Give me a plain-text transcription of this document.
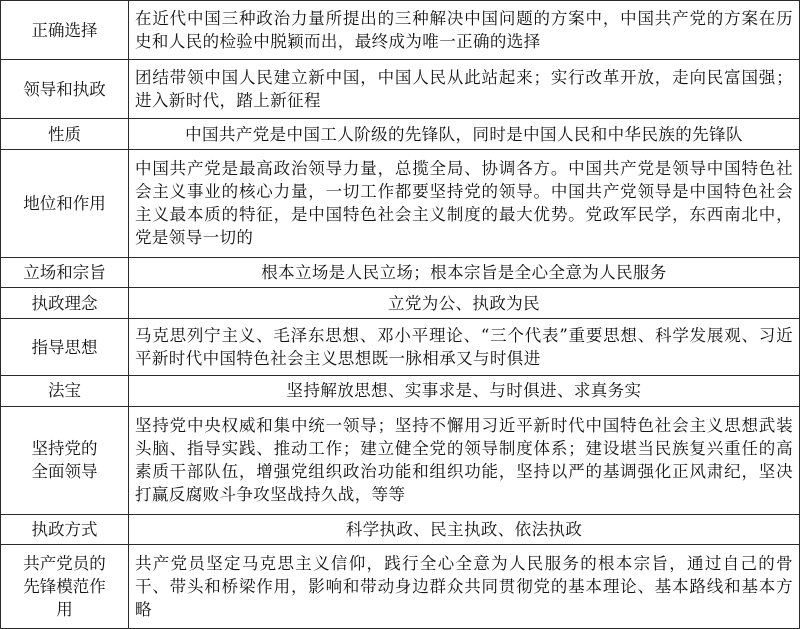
正确选择	在近代中国三种政治力量所提出的三种解决中国问题的方案中，中国共产党的方案在历史和人民的检验中脱颖而出，最终成为唯一正确的选择
领导和执政	团结带领中国人民建立新中国，中国人民从此站起来；实行改革开放，走向民富国强；进入新时代，踏上新征程
性质	中国共产党是中国工人阶级的先锋队，同时是中国人民和中华民族的先锋队
地位和作用	中国共产党是最高政治领导力量，总揽全局、协调各方。中国共产党是领导中国特色社会主义事业的核心力量，一切工作都要坚持党的领导。中国共产党领导是中国特色社会主义最本质的特征，是中国特色社会主义制度的最大优势。党政军民学，东西南北中，党是领导一切的
立场和宗旨	根本立场是人民立场；根本宗旨是全心全意为人民服务
执政理念	立党为公、执政为民
指导思想	马克思列宁主义、毛泽东思想、邓小平理论、“三个代表”重要思想、科学发展观、习近平新时代中国特色社会主义思想既一脉相承又与时俱进
法宝	坚持解放思想、实事求是、与时俱进、求真务实
坚持党的
全面领导	坚持党中央权威和集中统一领导；坚持不懈用习近平新时代中国特色社会主义思想武装头脑、指导实践、推动工作；建立健全党的领导制度体系；建设堪当民族复兴重任的高素质干部队伍，增强党组织政治功能和组织功能，坚持以严的基调强化正风肃纪，坚决打赢反腐败斗争攻坚战持久战，等等
执政方式	科学执政、民主执政、依法执政
共产党员的
先锋模范作
用	共产党员坚定马克思主义信仰，践行全心全意为人民服务的根本宗旨，通过自己的骨干、带头和桥梁作用，影响和带动身边群众共同贯彻党的基本理论、基本路线和基本方略
